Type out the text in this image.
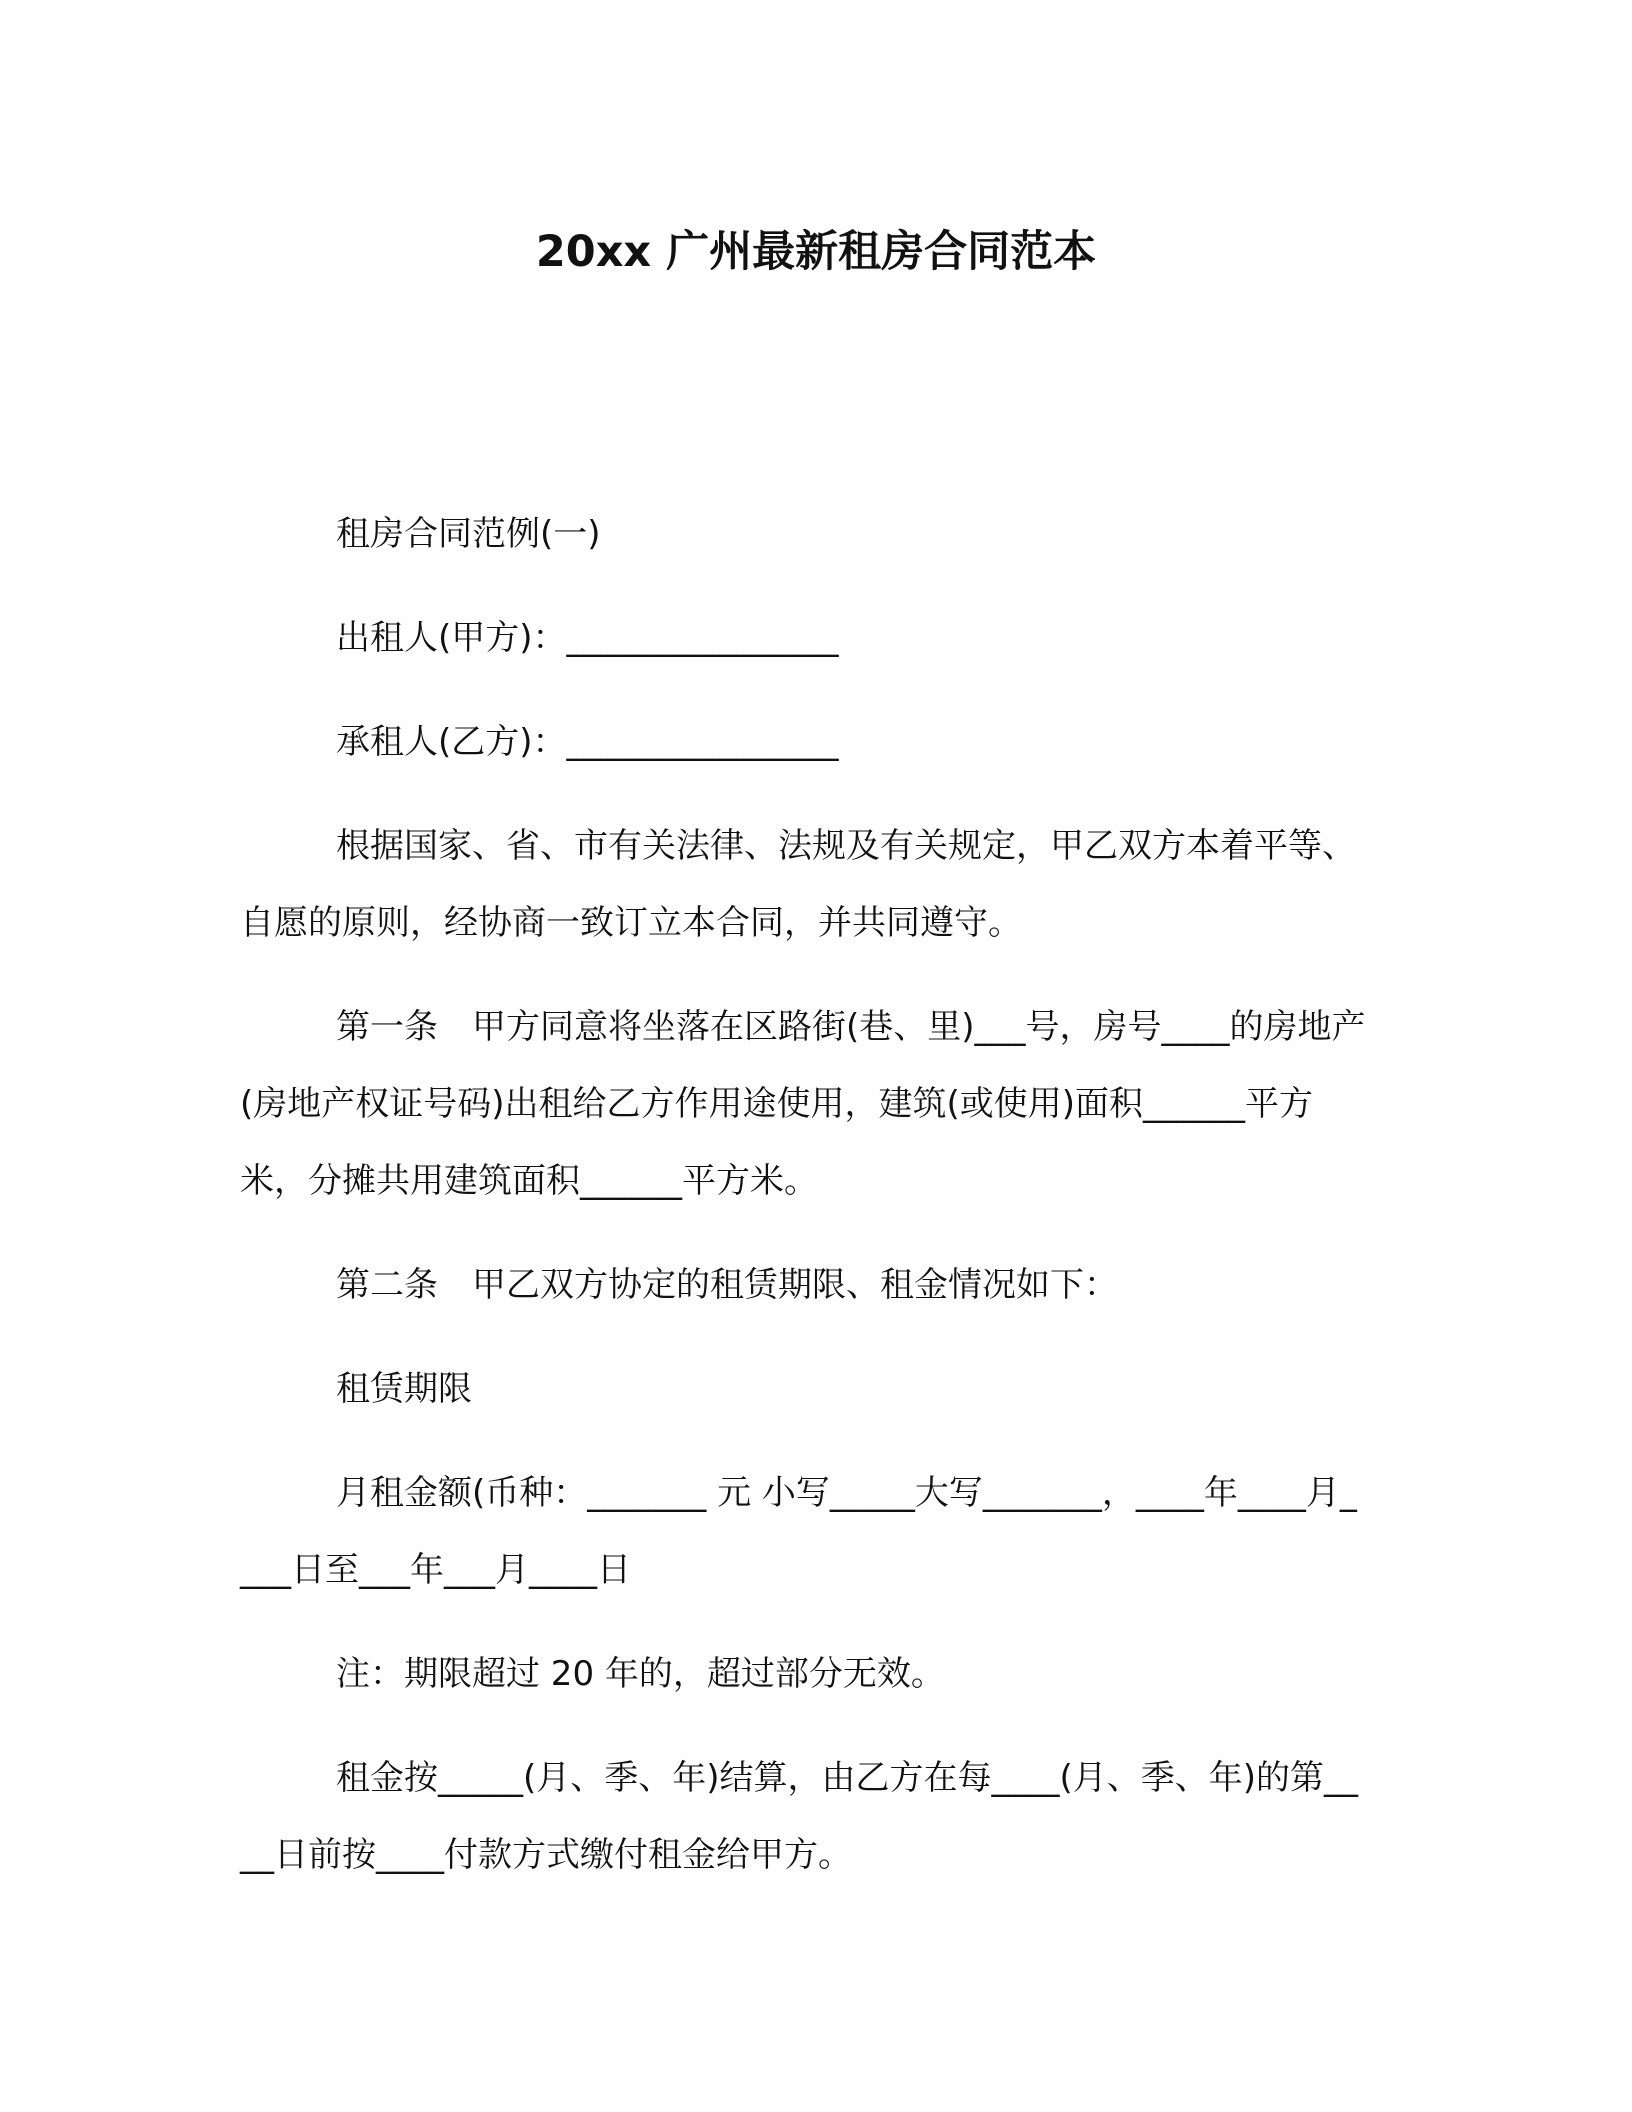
20xx 广州最新租房合同范本

租房合同范例(一)

出租人(甲方)：________________

承租人(乙方)：________________

根据国家、省、市有关法律、法规及有关规定，甲乙双方本着平等、自愿的原则，经协商一致订立本合同，并共同遵守。

第一条　甲方同意将坐落在区路街(巷、里)___号，房号____的房地产(房地产权证号码)出租给乙方作用途使用，建筑(或使用)面积______平方米，分摊共用建筑面积______平方米。

第二条　甲乙双方协定的租赁期限、租金情况如下：

租赁期限

月租金额(币种：_______ 元 小写_____大写_______，____年____月____日至___年___月____日

注：期限超过 20 年的，超过部分无效。

租金按_____(月、季、年)结算，由乙方在每____(月、季、年)的第____日前按____付款方式缴付租金给甲方。
